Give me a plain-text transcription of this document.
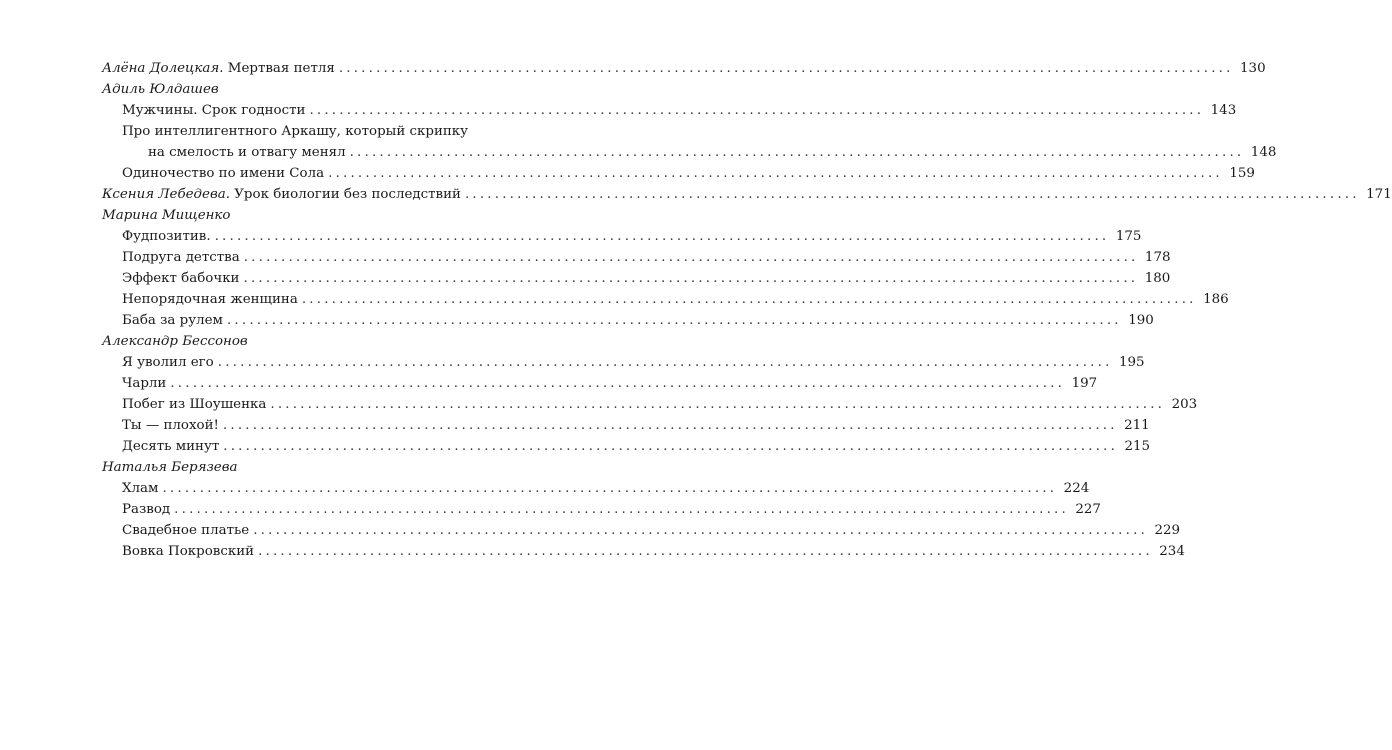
Алёна Долецкая. Мертвая петля ........................................................................................................................ 130
Адиль Юлдашев
Мужчины. Срок годности ........................................................................................................................ 143
Про интеллигентного Аркашу, который скрипку
на смелость и отвагу менял ........................................................................................................................ 148
Одиночество по имени Сола ........................................................................................................................ 159
Ксения Лебедева. Урок биологии без последствий ........................................................................................................................ 171
Марина Мищенко
Фудпозитив. ........................................................................................................................ 175
Подруга детства ........................................................................................................................ 178
Эффект бабочки ........................................................................................................................ 180
Непорядочная женщина ........................................................................................................................ 186
Баба за рулем ........................................................................................................................ 190
Александр Бессонов
Я уволил его ........................................................................................................................ 195
Чарли ........................................................................................................................ 197
Побег из Шоушенка ........................................................................................................................ 203
Ты — плохой! ........................................................................................................................ 211
Десять минут ........................................................................................................................ 215
Наталья Берязева
Хлам ........................................................................................................................ 224
Развод ........................................................................................................................ 227
Свадебное платье ........................................................................................................................ 229
Вовка Покровский ........................................................................................................................ 234
